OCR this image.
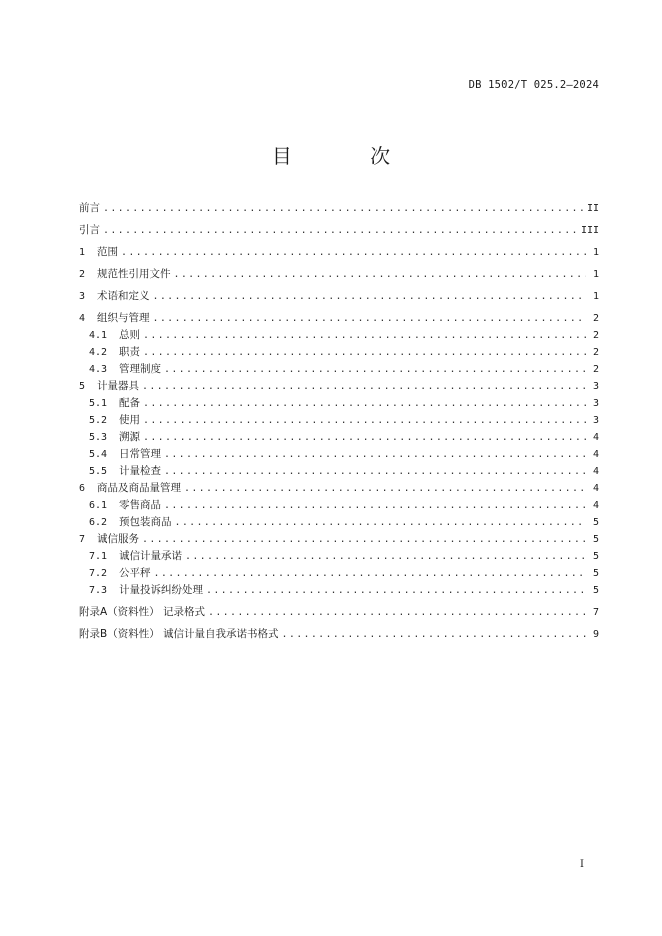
DB 1502/T 025.2—2024
目 次
前言 .....	II
引言 .....	III
1	范围 .....	1
2	规范性引用文件 .....	1
3	术语和定义 .....	1
4	组织与管理 .....	2
4.1	总则 .....	2
4.2	职责 .....	2
4.3	管理制度 .....	2
5	计量器具 .....	3
5.1	配备 .....	3
5.2	使用 .....	3
5.3	溯源 .....	4
5.4	日常管理 .....	4
5.5	计量检查 .....	4
6	商品及商品量管理 .....	4
6.1	零售商品 .....	4
6.2	预包装商品 .....	5
7	诚信服务 .....	5
7.1	诚信计量承诺 .....	5
7.2	公平秤 .....	5
7.3	计量投诉纠纷处理 .....	5
附录A（资料性） 记录格式 .....	7
附录B（资料性） 诚信计量自我承诺书格式 .....	9
I
